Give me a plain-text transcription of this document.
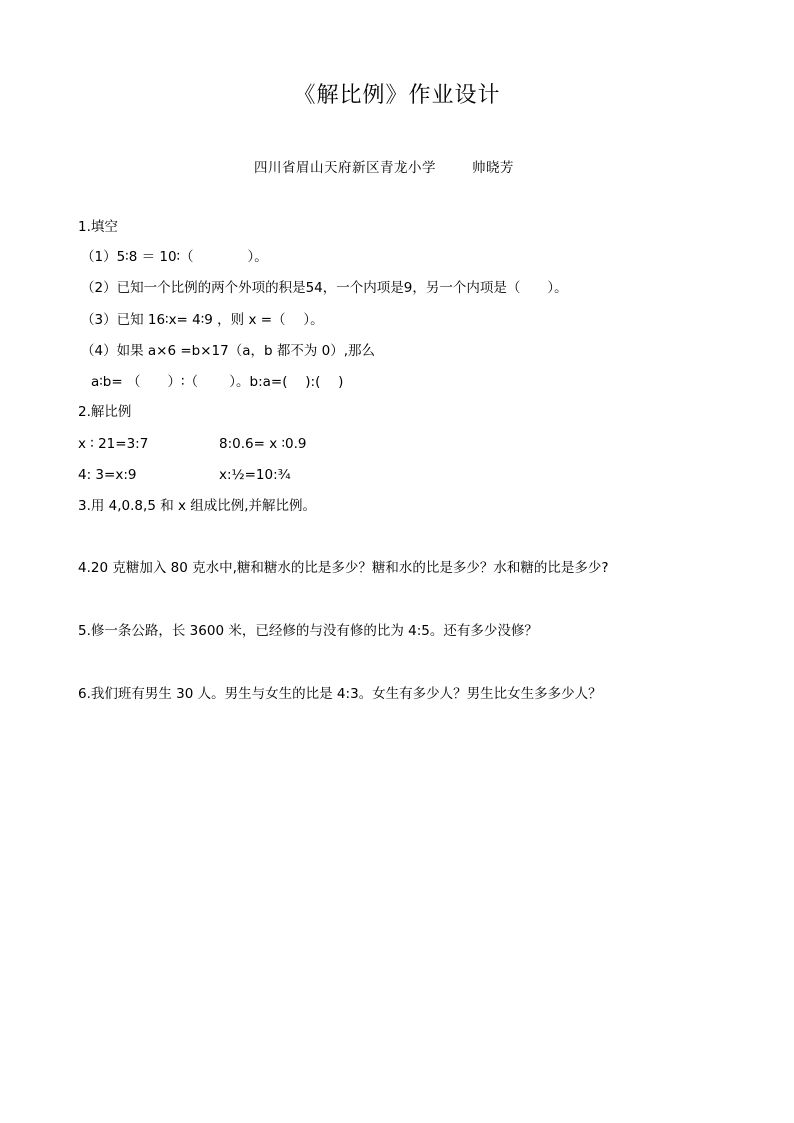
《解比例》作业设计
四川省眉山天府新区青龙小学	帅晓芳
1.填空
（1）5∶8 ＝ 10∶（　　　　）。
（2）已知一个比例的两个外项的积是54，一个内项是9，另一个内项是（　　）。
（3）已知 16∶x= 4∶9 ，则 x =（　 ）。
（4）如果 a×6 =b×17（a，b 都不为 0）,那么
a∶b= （　　）∶（　　 ）。b:a=(　 ):(　 )
2.解比例
x ∶ 21=3:7	8:0.6= x ∶0.9
4: 3=x:9	x:½=10:¾
3.用 4,0.8,5 和 x 组成比例,并解比例。
4.20 克糖加入 80 克水中,糖和糖水的比是多少？糖和水的比是多少？水和糖的比是多少?
5.修一条公路，长 3600 米，已经修的与没有修的比为 4:5。还有多少没修？
6.我们班有男生 30 人。男生与女生的比是 4:3。女生有多少人？男生比女生多多少人？
